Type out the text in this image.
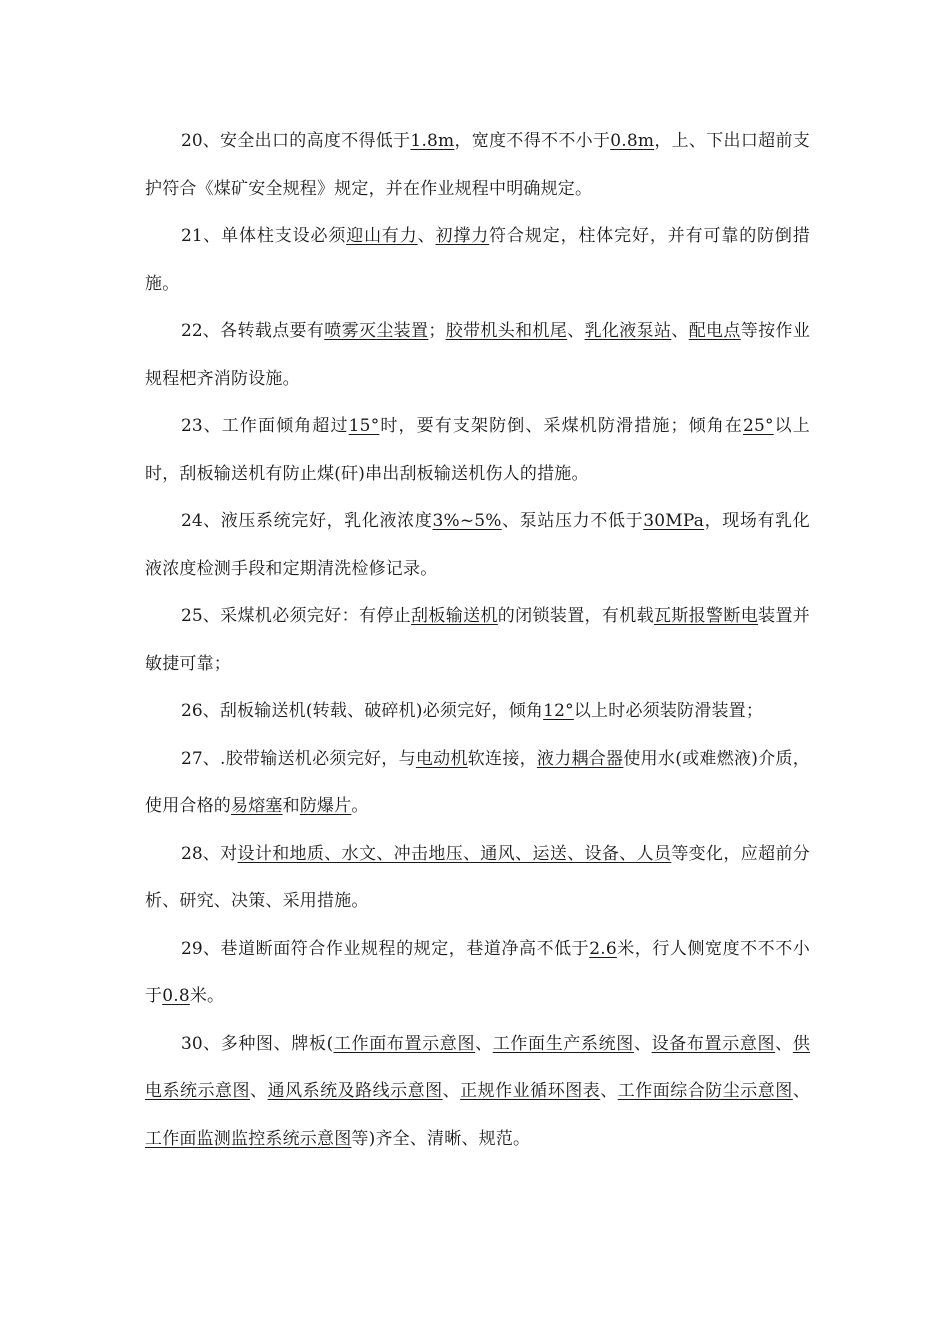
20、安全出口的高度不得低于1.8m，宽度不得不不小于0.8m，上、下出口超前支护符合《煤矿安全规程》规定，并在作业规程中明确规定。

21、单体柱支设必须迎山有力、初撑力符合规定，柱体完好，并有可靠的防倒措施。

22、各转载点要有喷雾灭尘装置；胶带机头和机尾、乳化液泵站、配电点等按作业规程杷齐消防设施。

23、工作面倾角超过15°时，要有支架防倒、采煤机防滑措施；倾角在25°以上时，刮板输送机有防止煤(矸)串出刮板输送机伤人的措施。

24、液压系统完好，乳化液浓度3%~5%、泵站压力不低于30MPa，现场有乳化液浓度检测手段和定期清洗检修记录。

25、采煤机必须完好：有停止刮板输送机的闭锁装置，有机载瓦斯报警断电装置并敏捷可靠；

26、刮板输送机(转载、破碎机)必须完好，倾角12°以上时必须装防滑装置；

27、.胶带输送机必须完好，与电动机软连接，液力耦合器使用水(或难燃液)介质，使用合格的易熔塞和防爆片。

28、对设计和地质、水文、冲击地压、通风、运送、设备、人员等变化，应超前分析、研究、决策、采用措施。

29、巷道断面符合作业规程的规定，巷道净高不低于2.6米，行人侧宽度不不不小于0.8米。

30、多种图、牌板(工作面布置示意图、工作面生产系统图、设备布置示意图、供电系统示意图、通风系统及路线示意图、正规作业循环图表、工作面综合防尘示意图、工作面监测监控系统示意图等)齐全、清晰、规范。
